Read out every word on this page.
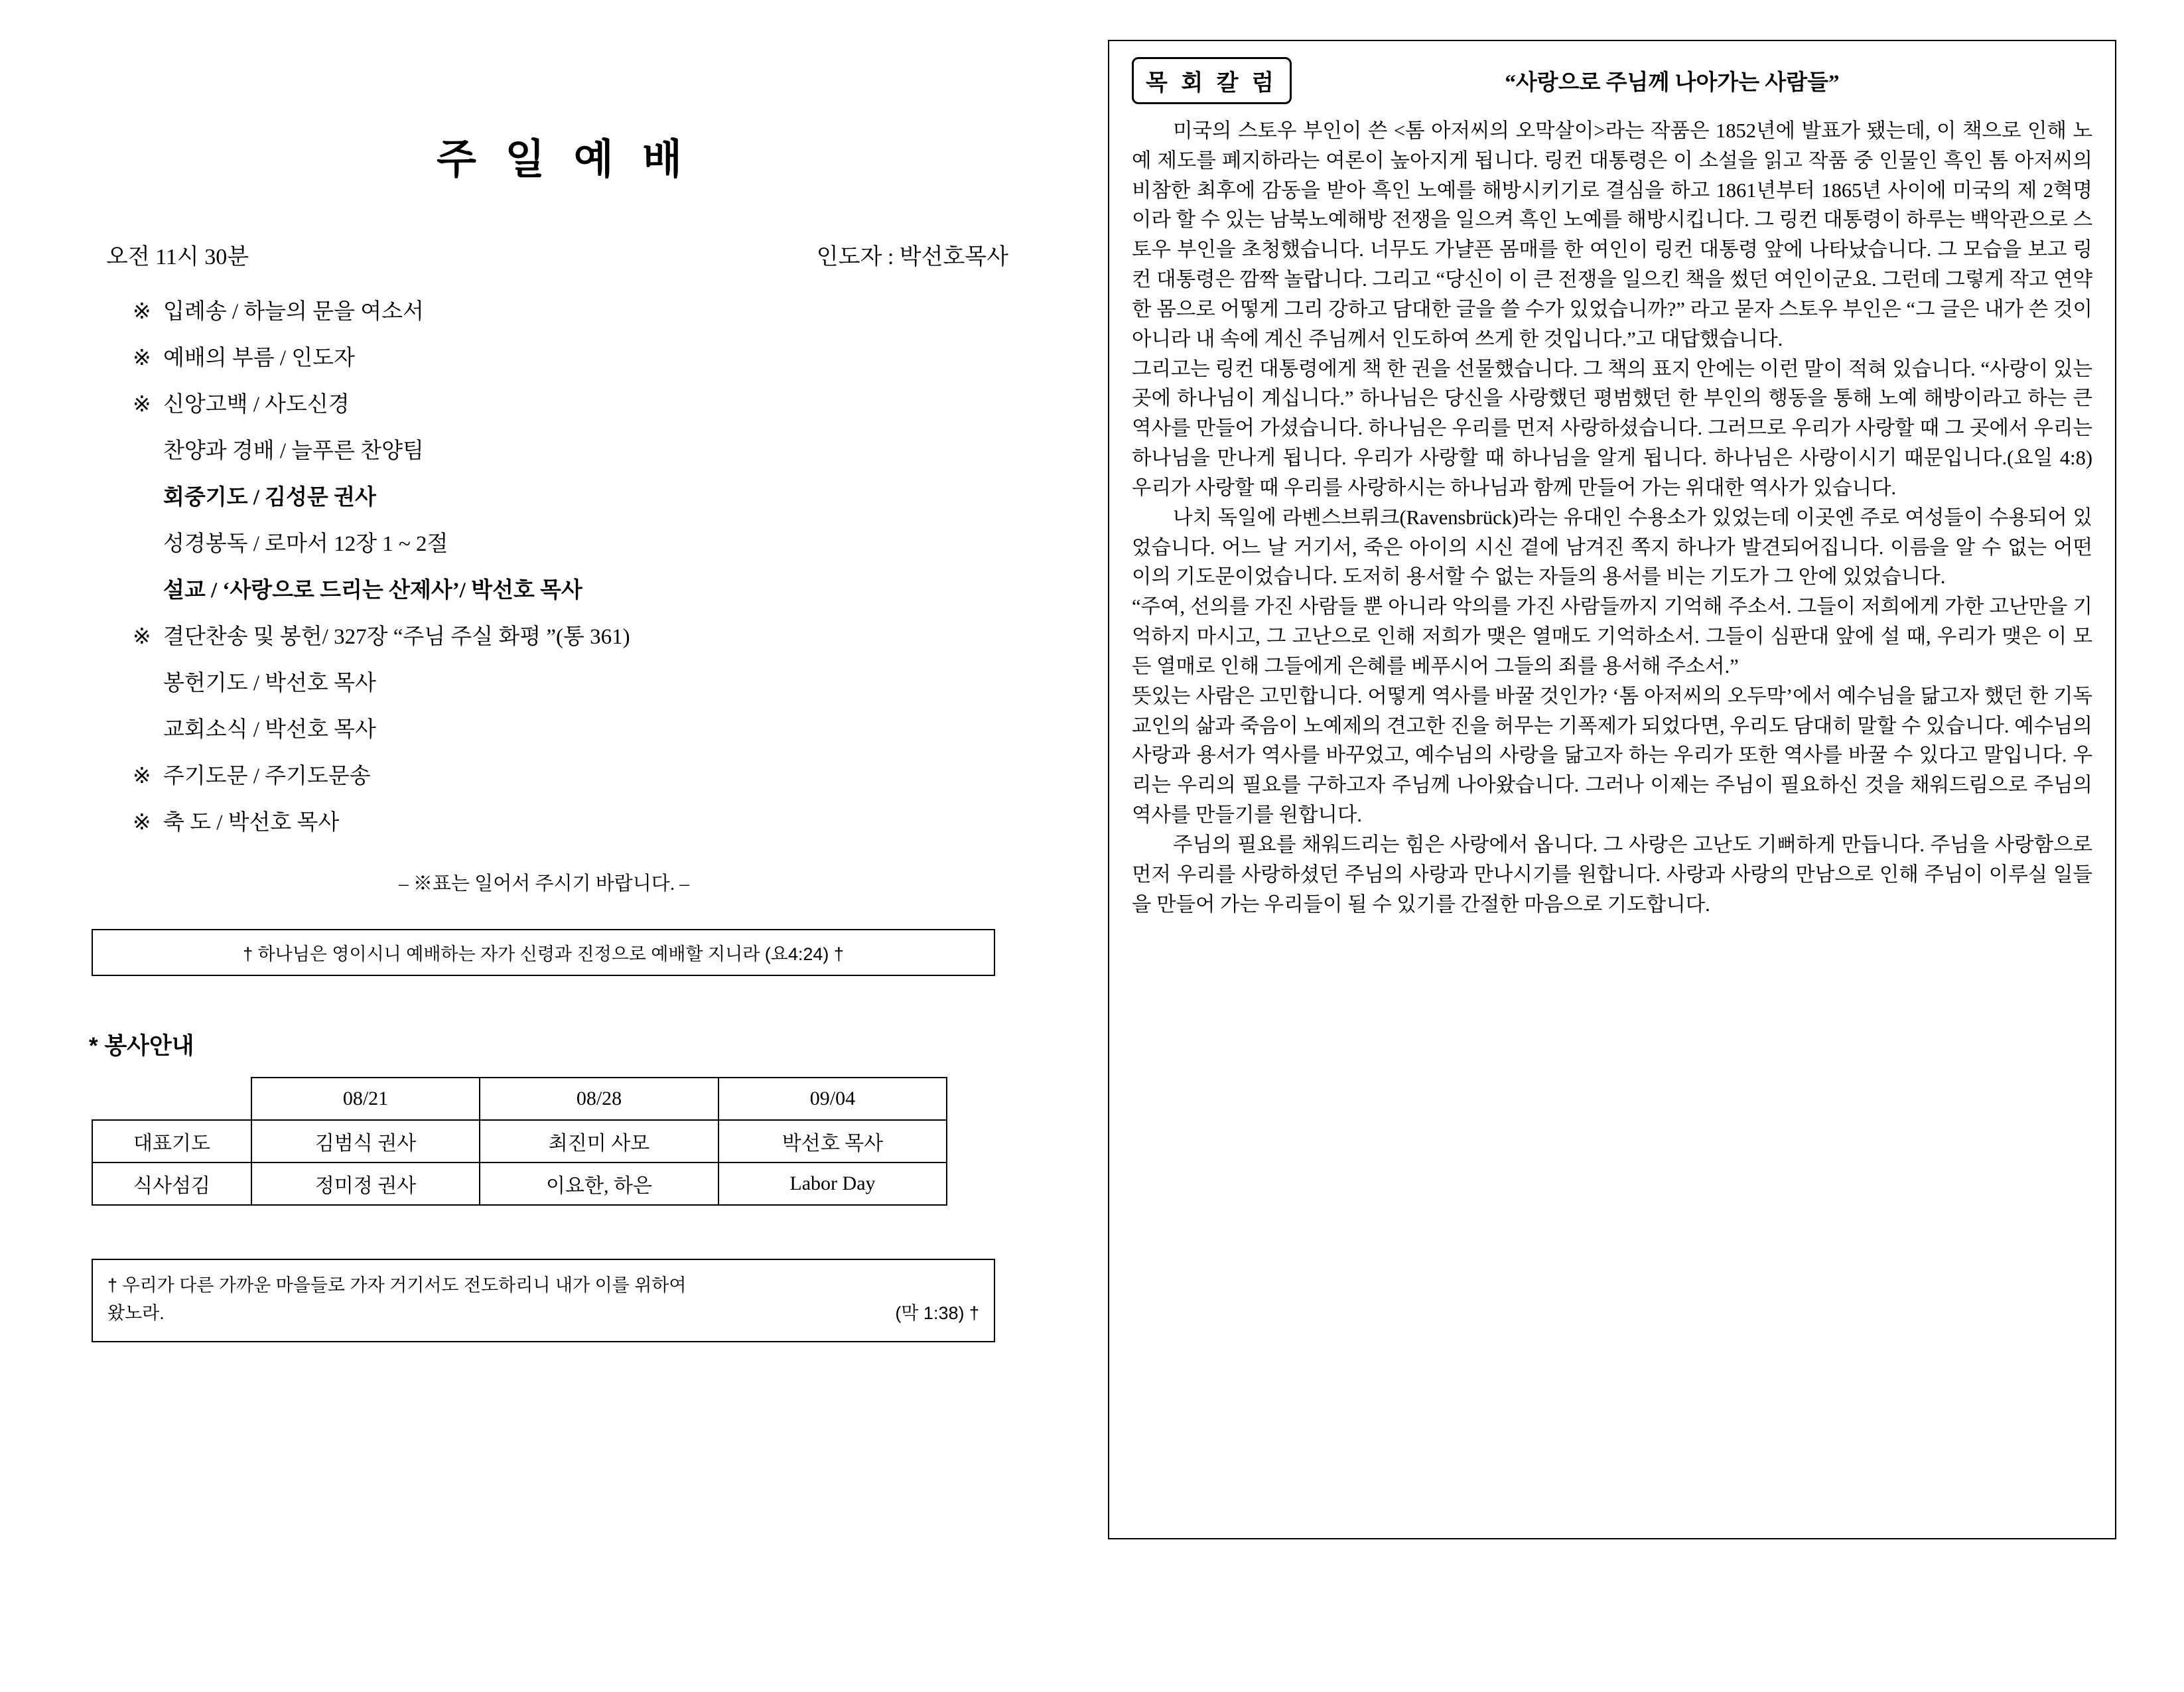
주 일 예 배
오전 11시 30분	인도자 : 박선호목사
※ 입례송 / 하늘의 문을 여소서
※ 예배의 부름 / 인도자
※ 신앙고백 / 사도신경
찬양과 경배 / 늘푸른 찬양팀
회중기도 / 김성문 권사
성경봉독 / 로마서 12장 1 ~ 2절
설교 / ‘사랑으로 드리는 산제사’/ 박선호 목사
※ 결단찬송 및 봉헌/ 327장 “주님 주실 화평 ”(통 361)
봉헌기도 / 박선호 목사
교회소식 / 박선호 목사
※ 주기도문 / 주기도문송
※ 축 도 / 박선호 목사
– ※표는 일어서 주시기 바랍니다. –
† 하나님은 영이시니 예배하는 자가 신령과 진정으로 예배할 지니라 (요4:24) †
* 봉사안내
	08/21	08/28	09/04
대표기도	김범식 권사	최진미 사모	박선호 목사
식사섬김	정미정 권사	이요한, 하은	Labor Day
† 우리가 다른 가까운 마을들로 가자 거기서도 전도하리니 내가 이를 위하여
왔노라.	(막 1:38) †
목 회 칼 럼	“사랑으로 주님께 나아가는 사람들”

미국의 스토우 부인이 쓴 <톰 아저씨의 오막살이>라는 작품은 1852년에 발표가 됐는데, 이 책으로 인해 노예 제도를 폐지하라는 여론이 높아지게 됩니다. 링컨 대통령은 이 소설을 읽고 작품 중 인물인 흑인 톰 아저씨의 비참한 최후에 감동을 받아 흑인 노예를 해방시키기로 결심을 하고 1861년부터 1865년 사이에 미국의 제 2혁명이라 할 수 있는 남북노예해방 전쟁을 일으켜 흑인 노예를 해방시킵니다. 그 링컨 대통령이 하루는 백악관으로 스토우 부인을 초청했습니다. 너무도 가냘픈 몸매를 한 여인이 링컨 대통령 앞에 나타났습니다. 그 모습을 보고 링컨 대통령은 깜짝 놀랍니다. 그리고 “당신이 이 큰 전쟁을 일으킨 책을 썼던 여인이군요. 그런데 그렇게 작고 연약한 몸으로 어떻게 그리 강하고 담대한 글을 쓸 수가 있었습니까?” 라고 묻자 스토우 부인은 “그 글은 내가 쓴 것이 아니라 내 속에 계신 주님께서 인도하여 쓰게 한 것입니다.”고 대답했습니다.

그리고는 링컨 대통령에게 책 한 권을 선물했습니다. 그 책의 표지 안에는 이런 말이 적혀 있습니다. “사랑이 있는 곳에 하나님이 계십니다.” 하나님은 당신을 사랑했던 평범했던 한 부인의 행동을 통해 노예 해방이라고 하는 큰 역사를 만들어 가셨습니다. 하나님은 우리를 먼저 사랑하셨습니다. 그러므로 우리가 사랑할 때 그 곳에서 우리는 하나님을 만나게 됩니다. 우리가 사랑할 때 하나님을 알게 됩니다. 하나님은 사랑이시기 때문입니다.(요일 4:8) 우리가 사랑할 때 우리를 사랑하시는 하나님과 함께 만들어 가는 위대한 역사가 있습니다.

나치 독일에 라벤스브뤼크(Ravensbrück)라는 유대인 수용소가 있었는데 이곳엔 주로 여성들이 수용되어 있었습니다. 어느 날 거기서, 죽은 아이의 시신 곁에 남겨진 쪽지 하나가 발견되어집니다. 이름을 알 수 없는 어떤 이의 기도문이었습니다. 도저히 용서할 수 없는 자들의 용서를 비는 기도가 그 안에 있었습니다.

“주여, 선의를 가진 사람들 뿐 아니라 악의를 가진 사람들까지 기억해 주소서. 그들이 저희에게 가한 고난만을 기억하지 마시고, 그 고난으로 인해 저희가 맺은 열매도 기억하소서. 그들이 심판대 앞에 설 때, 우리가 맺은 이 모든 열매로 인해 그들에게 은혜를 베푸시어 그들의 죄를 용서해 주소서.”

뜻있는 사람은 고민합니다. 어떻게 역사를 바꿀 것인가? ‘톰 아저씨의 오두막’에서 예수님을 닮고자 했던 한 기독교인의 삶과 죽음이 노예제의 견고한 진을 허무는 기폭제가 되었다면, 우리도 담대히 말할 수 있습니다. 예수님의 사랑과 용서가 역사를 바꾸었고, 예수님의 사랑을 닮고자 하는 우리가 또한 역사를 바꿀 수 있다고 말입니다. 우리는 우리의 필요를 구하고자 주님께 나아왔습니다. 그러나 이제는 주님이 필요하신 것을 채워드림으로 주님의 역사를 만들기를 원합니다.

주님의 필요를 채워드리는 힘은 사랑에서 옵니다. 그 사랑은 고난도 기뻐하게 만듭니다. 주님을 사랑함으로 먼저 우리를 사랑하셨던 주님의 사랑과 만나시기를 원합니다. 사랑과 사랑의 만남으로 인해 주님이 이루실 일들을 만들어 가는 우리들이 될 수 있기를 간절한 마음으로 기도합니다.
